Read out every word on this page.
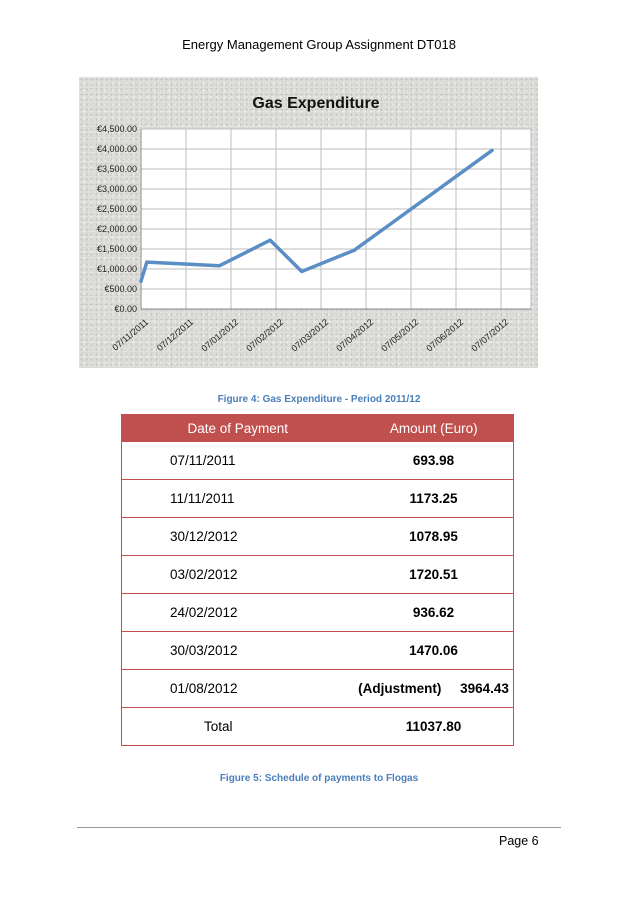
Energy Management Group Assignment DT018
€0.00
€500.00
€1,000.00
€1,500.00
€2,000.00
€2,500.00
€3,000.00
€3,500.00
€4,000.00
€4,500.00
07/11/2011 07/12/2011 07/01/2012 07/02/2012 07/03/2012 07/04/2012 07/05/2012 07/06/2012 07/07/2012
Gas Expenditure
Figure 4: Gas Expenditure - Period 2011/12
Date of Payment	Amount (Euro)
07/11/2011	693.98
11/11/2011	1173.25
30/12/2012	1078.95
03/02/2012	1720.51
24/02/2012	936.62
30/03/2012	1470.06
01/08/2012	(Adjustment)     3964.43
Total	11037.80
Figure 5: Schedule of payments to Flogas
Page 6
